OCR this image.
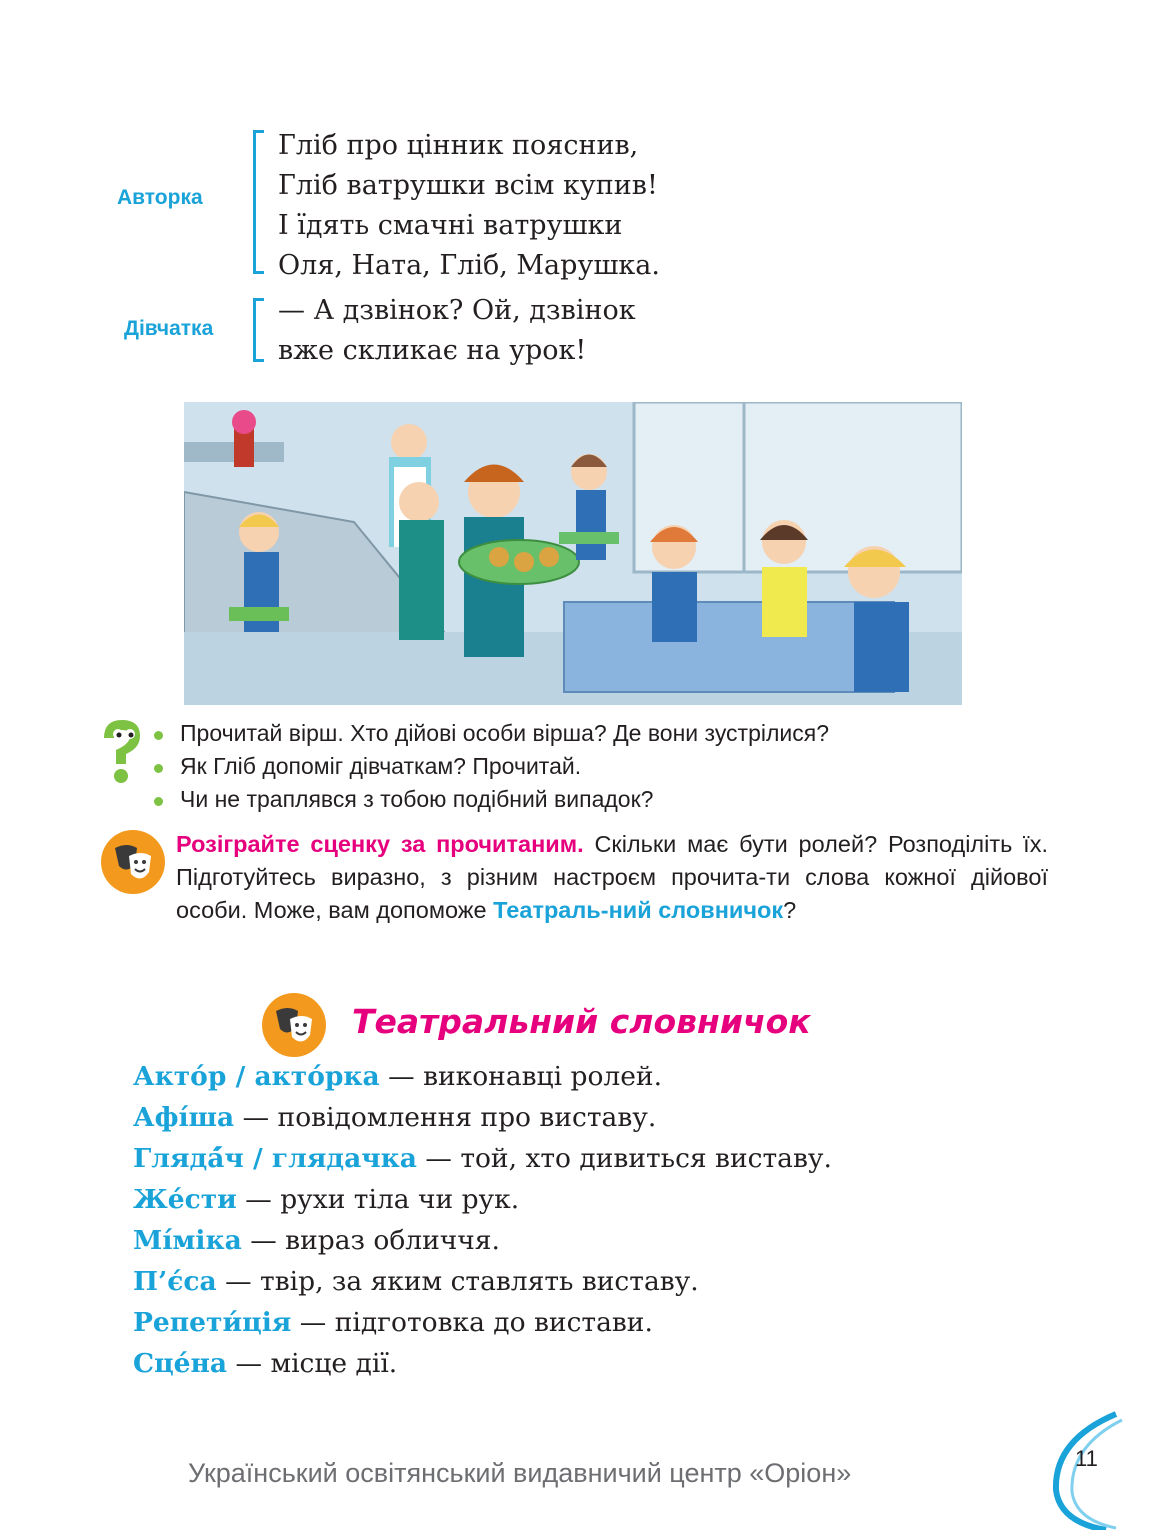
Авторка
Гліб про цінник пояснив,
Гліб ватрушки всім купив!
І їдять смачні ватрушки
Оля, Ната, Гліб, Марушка.
Дівчатка
— А дзвінок? Ой, дзвінок
вже скликає на урок!
Прочитай вірш. Хто дійові особи вірша? Де вони зустрілися?
Як Гліб допоміг дівчаткам? Прочитай.
Чи не траплявся з тобою подібний випадок?
Розіграйте сценку за прочитаним. Скільки має бути ролей? Розподіліть їх. Підготуйтесь виразно, з різним настроєм прочита-ти слова кожної дійової особи. Може, вам допоможе Театраль-ний словничок?
Театральний словничок
Акто́р / акто́рка — виконавці ролей.
Афі́ша — повідомлення про виставу.
Глядá́ч / глядачка — той, хто дивиться виставу.
Же́сти — рухи тіла чи рук.
Мі́міка — вираз обличчя.
П’є́са — твір, за яким ставлять виставу.
Репети́ція — підготовка до вистави.
Сце́на — місце дії.
Український освітянський видавничий центр «Оріон»	11
